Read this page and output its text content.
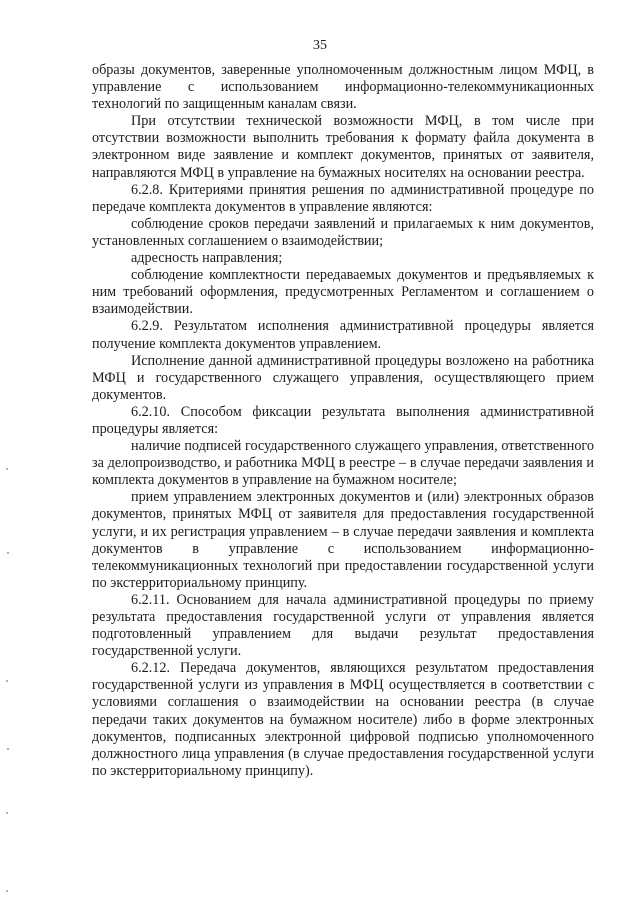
35

образы документов, заверенные уполномоченным должностным лицом МФЦ, в управление с использованием информационно-телекоммуникационных технологий по защищенным каналам связи.

При отсутствии технической возможности МФЦ, в том числе при отсутствии возможности выполнить требования к формату файла документа в электронном виде заявление и комплект документов, принятых от заявителя, направляются МФЦ в управление на бумажных носителях на основании реестра.

6.2.8. Критериями принятия решения по административной процедуре по передаче комплекта документов в управление являются:

соблюдение сроков передачи заявлений и прилагаемых к ним документов, установленных соглашением о взаимодействии;

адресность направления;

соблюдение комплектности передаваемых документов и предъявляемых к ним требований оформления, предусмотренных Регламентом и соглашением о взаимодействии.

6.2.9. Результатом исполнения административной процедуры является получение комплекта документов управлением.

Исполнение данной административной процедуры возложено на работника МФЦ и государственного служащего управления, осуществляющего прием документов.

6.2.10. Способом фиксации результата выполнения административной процедуры является:

наличие подписей государственного служащего управления, ответственного за делопроизводство, и работника МФЦ в реестре – в случае передачи заявления и комплекта документов в управление на бумажном носителе;

прием управлением электронных документов и (или) электронных образов документов, принятых МФЦ от заявителя для предоставления государственной услуги, и их регистрация управлением – в случае передачи заявления и комплекта документов в управление с использованием информационно-телекоммуникационных технологий при предоставлении государственной услуги по экстерриториальному принципу.

6.2.11. Основанием для начала административной процедуры по приему результата предоставления государственной услуги от управления является подготовленный управлением для выдачи результат предоставления государственной услуги.

6.2.12. Передача документов, являющихся результатом предоставления государственной услуги из управления в МФЦ осуществляется в соответствии с условиями соглашения о взаимодействии на основании реестра (в случае передачи таких документов на бумажном носителе) либо в форме электронных документов, подписанных электронной цифровой подписью уполномоченного должностного лица управления (в случае предоставления государственной услуги по экстерриториальному принципу).
